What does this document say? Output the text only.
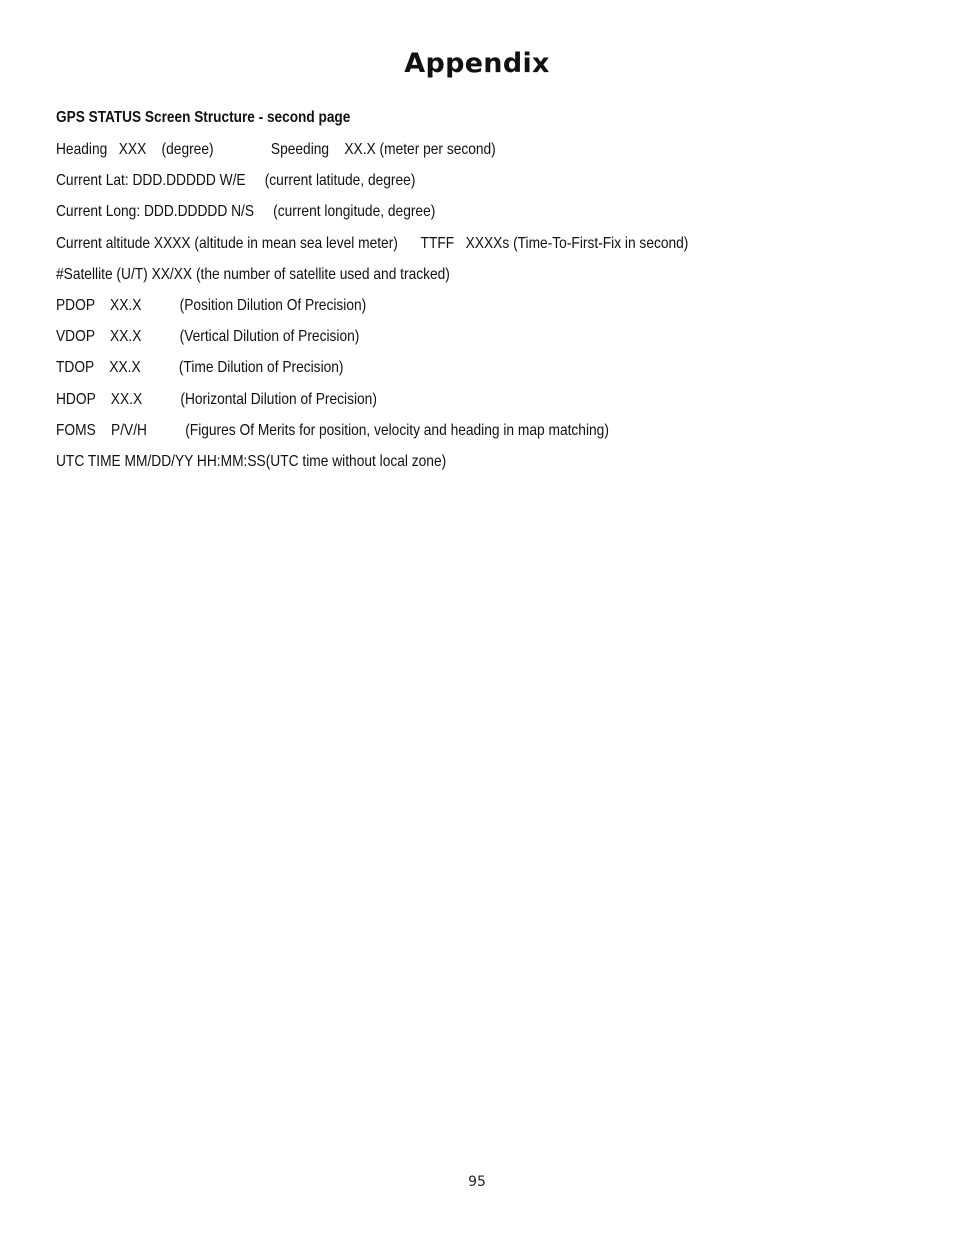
Appendix
GPS STATUS Screen Structure - second page
Heading   XXX    (degree)               Speeding    XX.X (meter per second)
Current Lat: DDD.DDDDD W/E     (current latitude, degree)
Current Long: DDD.DDDDD N/S     (current longitude, degree)
Current altitude XXXX (altitude in mean sea level meter)      TTFF   XXXXs (Time-To-First-Fix in second)
#Satellite (U/T) XX/XX (the number of satellite used and tracked)
PDOP    XX.X          (Position Dilution Of Precision)
VDOP    XX.X          (Vertical Dilution of Precision)
TDOP    XX.X          (Time Dilution of Precision)
HDOP    XX.X          (Horizontal Dilution of Precision)
FOMS    P/V/H          (Figures Of Merits for position, velocity and heading in map matching)
UTC TIME MM/DD/YY HH:MM:SS(UTC time without local zone)
95
